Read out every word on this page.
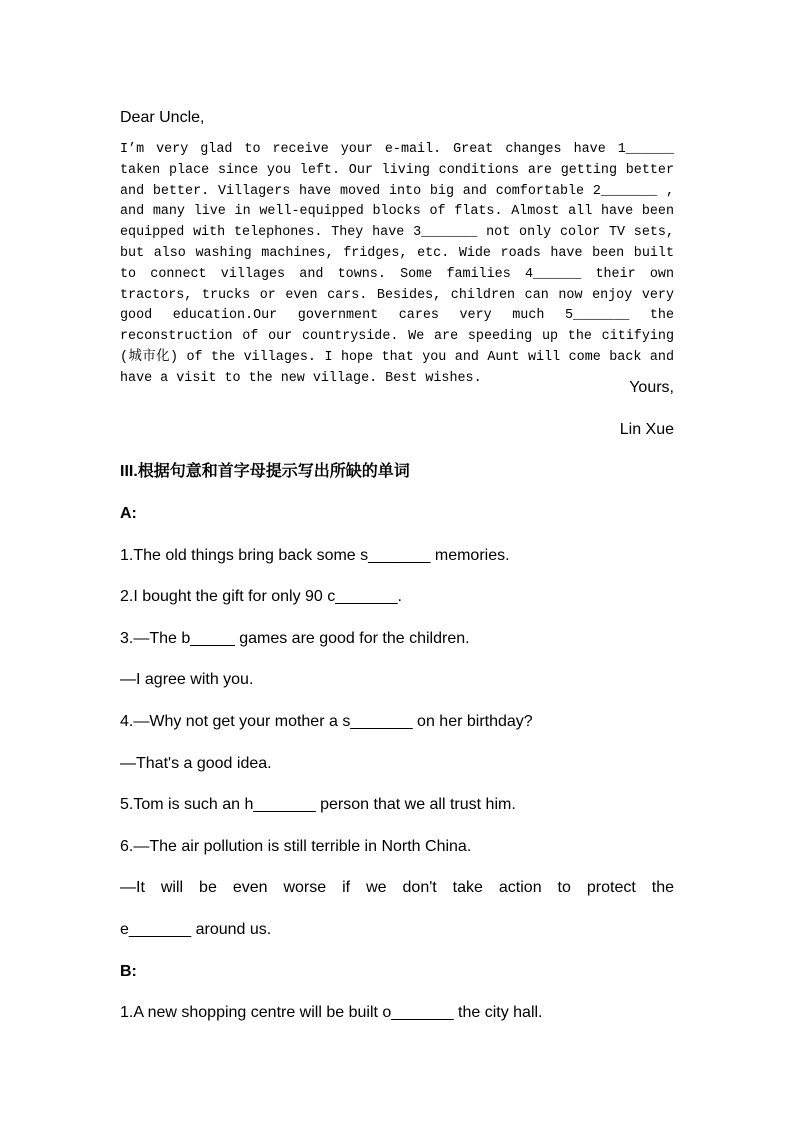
Dear Uncle,
I’m very glad to receive your e-mail. Great changes have 1______ taken place since you left. Our living conditions are getting better and better. Villagers have moved into big and comfortable 2_______ , and many live in well-equipped blocks of flats. Almost all have been equipped with telephones. They have 3_______ not only color TV sets, but also washing machines, fridges, etc. Wide roads have been built to connect villages and towns. Some families 4______ their own tractors, trucks or even cars. Besides, children can now enjoy very good education.Our government cares very much 5_______ the reconstruction of our countryside. We are speeding up the citifying (城市化) of the villages. I hope that you and Aunt will come back and have a visit to the new village. Best wishes.
Yours,
Lin Xue
III.根据句意和首字母提示写出所缺的单词
A:
1.The old things bring back some s_______ memories.
2.I bought the gift for only 90 c_______.
3.—The b_____ games are good for the children.
—I agree with you.
4.—Why not get your mother a s_______ on her birthday?
—That's a good idea.
5.Tom is such an h_______ person that we all trust him.
6.—The air pollution is still terrible in North China.
—It will be even worse if we don't take action to protect the
e_______ around us.
B:
1.A new shopping centre will be built o_______ the city hall.
